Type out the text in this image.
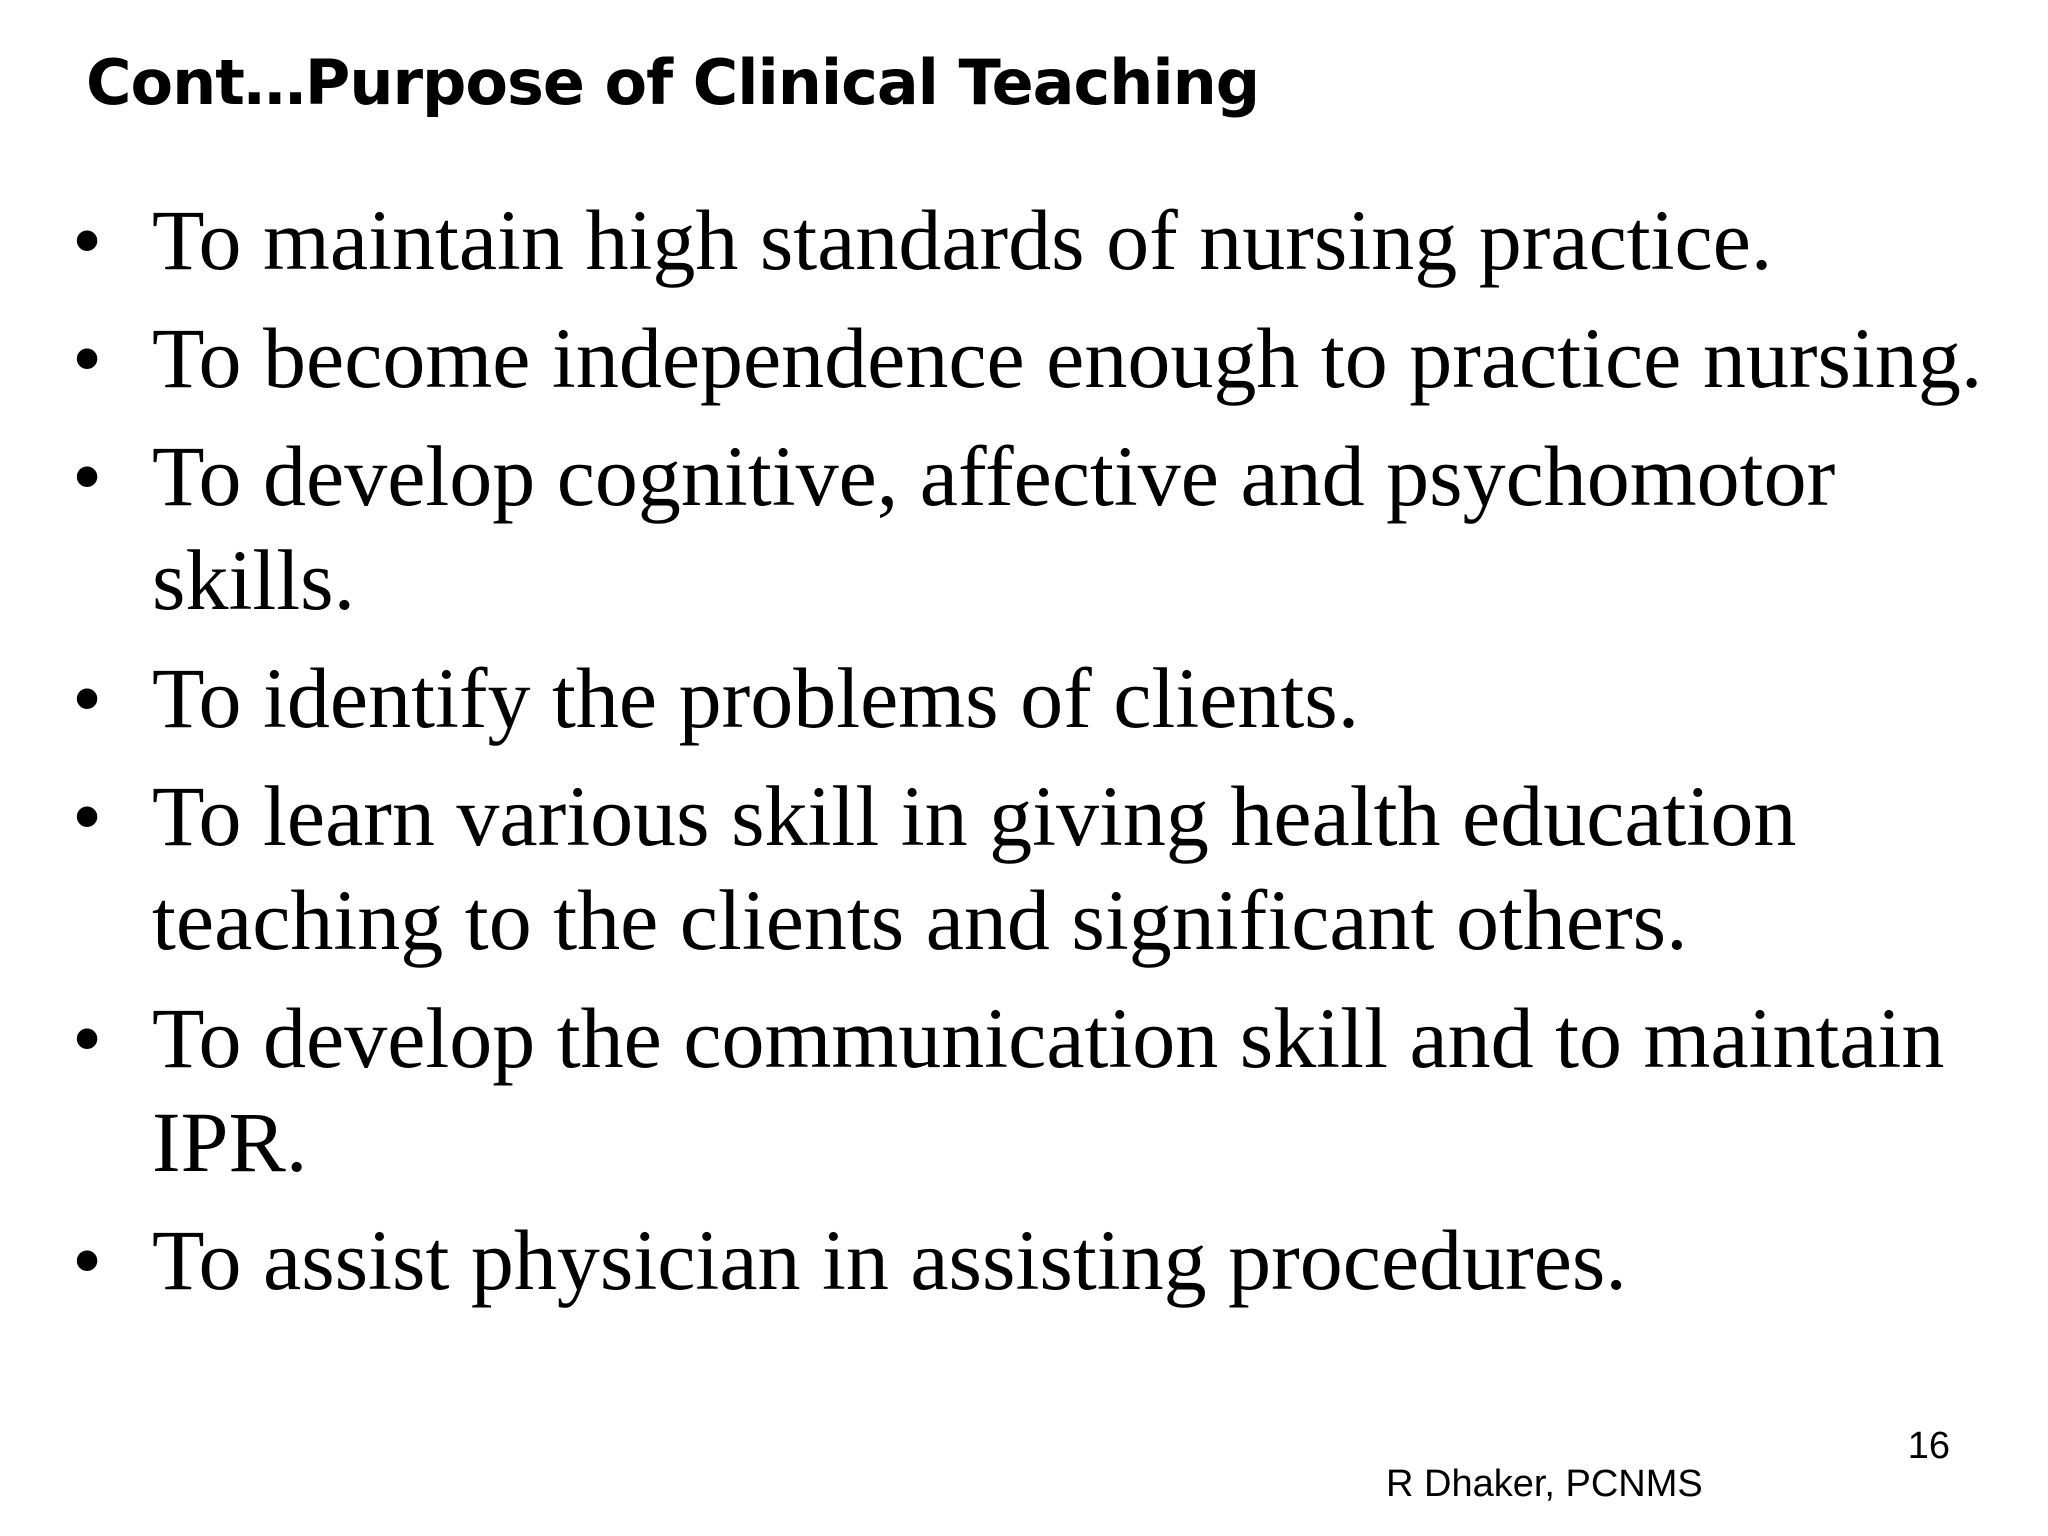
Cont…Purpose of Clinical Teaching
• To maintain high standards of nursing practice.
• To become independence enough to practice nursing.
• To develop cognitive, affective and psychomotor skills.
• To identify the problems of clients.
• To learn various skill in giving health education teaching to the clients and significant others.
• To develop the communication skill and to maintain IPR.
• To assist physician in assisting procedures.
16
R Dhaker, PCNMS
